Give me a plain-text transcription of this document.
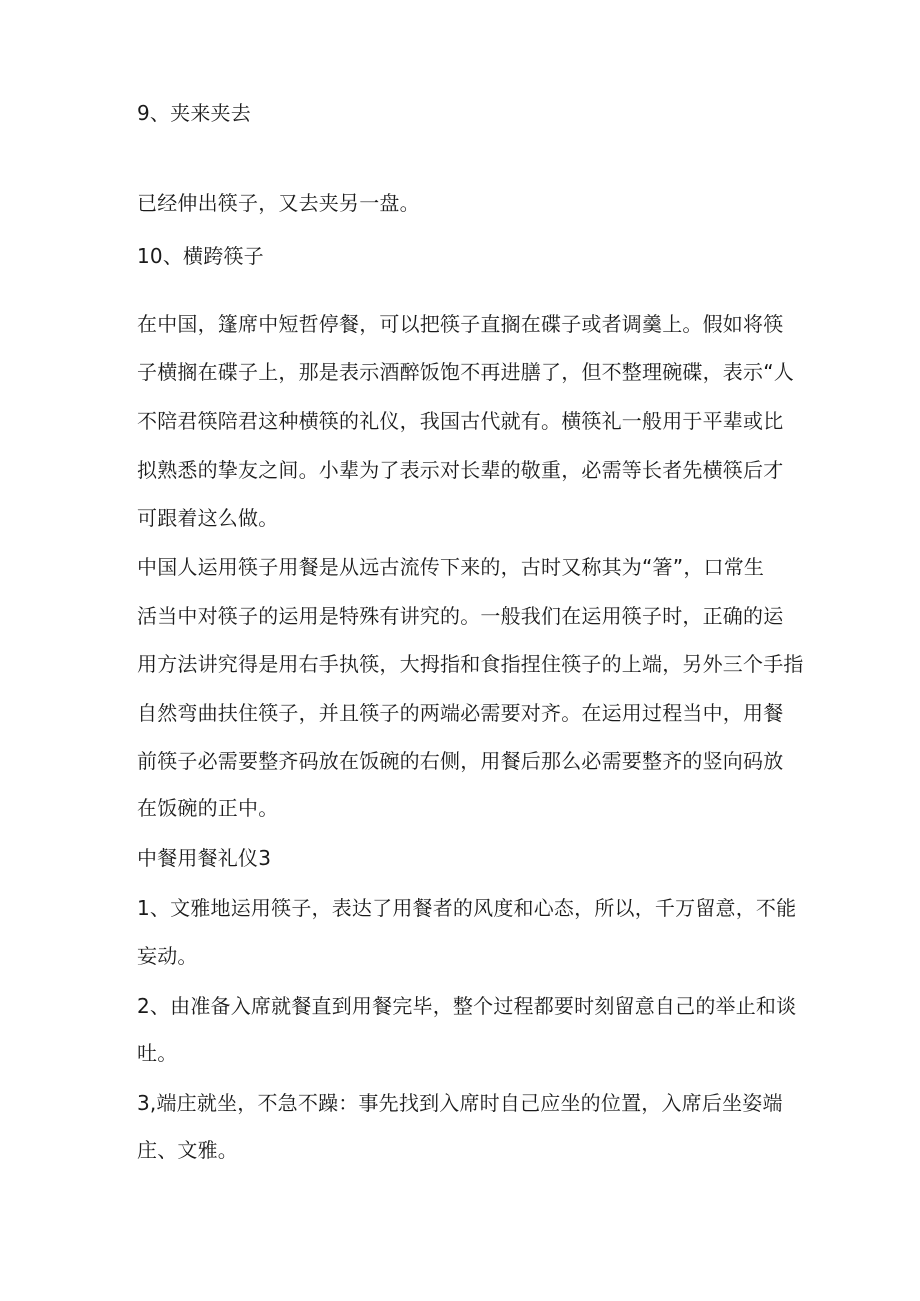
9、夹来夹去
已经伸出筷子，又去夹另一盘。
10、横跨筷子
在中国，篷席中短哲停餐，可以把筷子直搁在碟子或者调羹上。假如将筷
子横搁在碟子上，那是表示酒醉饭饱不再进膳了，但不整理碗碟，表示“人
不陪君筷陪君这种横筷的礼仪，我国古代就有。横筷礼一般用于平辈或比
拟熟悉的挚友之间。小辈为了表示对长辈的敬重，必需等长者先横筷后才
可跟着这么做。
中国人运用筷子用餐是从远古流传下来的，古时又称其为“箸”，口常生
活当中对筷子的运用是特殊有讲究的。一般我们在运用筷子时，正确的运
用方法讲究得是用右手执筷，大拇指和食指捏住筷子的上端，另外三个手指
自然弯曲扶住筷子，并且筷子的两端必需要对齐。在运用过程当中，用餐
前筷子必需要整齐码放在饭碗的右侧，用餐后那么必需要整齐的竖向码放
在饭碗的正中。
中餐用餐礼仪3
1、文雅地运用筷子，表达了用餐者的风度和心态，所以，千万留意，不能
妄动。
2、由准备入席就餐直到用餐完毕，整个过程都要时刻留意自己的举止和谈
吐。
3,端庄就坐，不急不躁：事先找到入席时自己应坐的位置，入席后坐姿端
庄、文雅。
